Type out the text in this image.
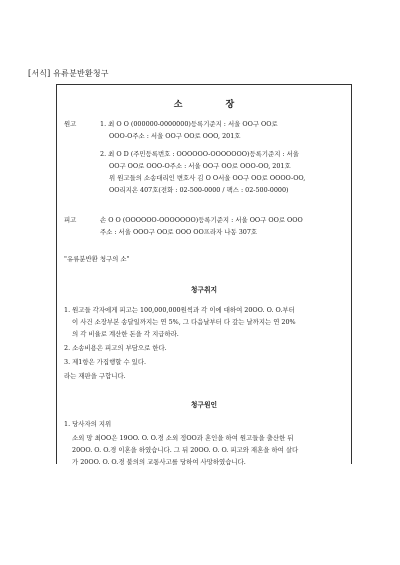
[서식] 유류분반환청구
소 장
원고	1. 최 O O (000000-0000000)등록기준지 : 서울 OO구 OO로
OOO-O주소 : 서울 OO구 OO로 OOO, 201호
2. 최 O D (주민등록번호 : OOOOOO-OOOOOOO)등록기준지 : 서울
OO구 OO로 OOO-O주소 : 서울 OO구 OO로 OOO-OO, 201호
위 원고들의 소송대리인 변호사 김 O O서울 OO구 OO로 OOOO-OO,
OO리지온 407호(전화 : 02-500-0000 / 팩스 : 02-500-0000)
피고	손 O O (OOOOOO-OOOOOOO)등록기준지 : 서울 OO구 OO로 OOO
주소 : 서울 OOO구 OO로 OOO OO프라자 나동 307호
"유류분반환 청구의 소"
청구취지
1. 원고들 각자에게 피고는 100,000,000원씩과 각 이에 대하여 20OO. O. O.부터
이 사건 소장부본 송달일까지는 연 5%, 그 다음날부터 다 갚는 날까지는 연 20%
의 각 비율로 계산한 돈을 각 지급하라.
2. 소송비용은 피고의 부담으로 한다.
3. 제1항은 가집행할 수 있다.
라는 재판을 구합니다.
청구원인
1. 당사자의 지위
소외 망 최OO은 19OO. O. O.경 소외 정OO과 혼인을 하여 원고들을 출산한 뒤
20OO. O. O.경 이혼을 하였습니다. 그 뒤 20OO. O. O. 피고와 재혼을 하여 살다
가 20OO. O. O.경 불의의 교통사고를 당하여 사망하였습니다.
